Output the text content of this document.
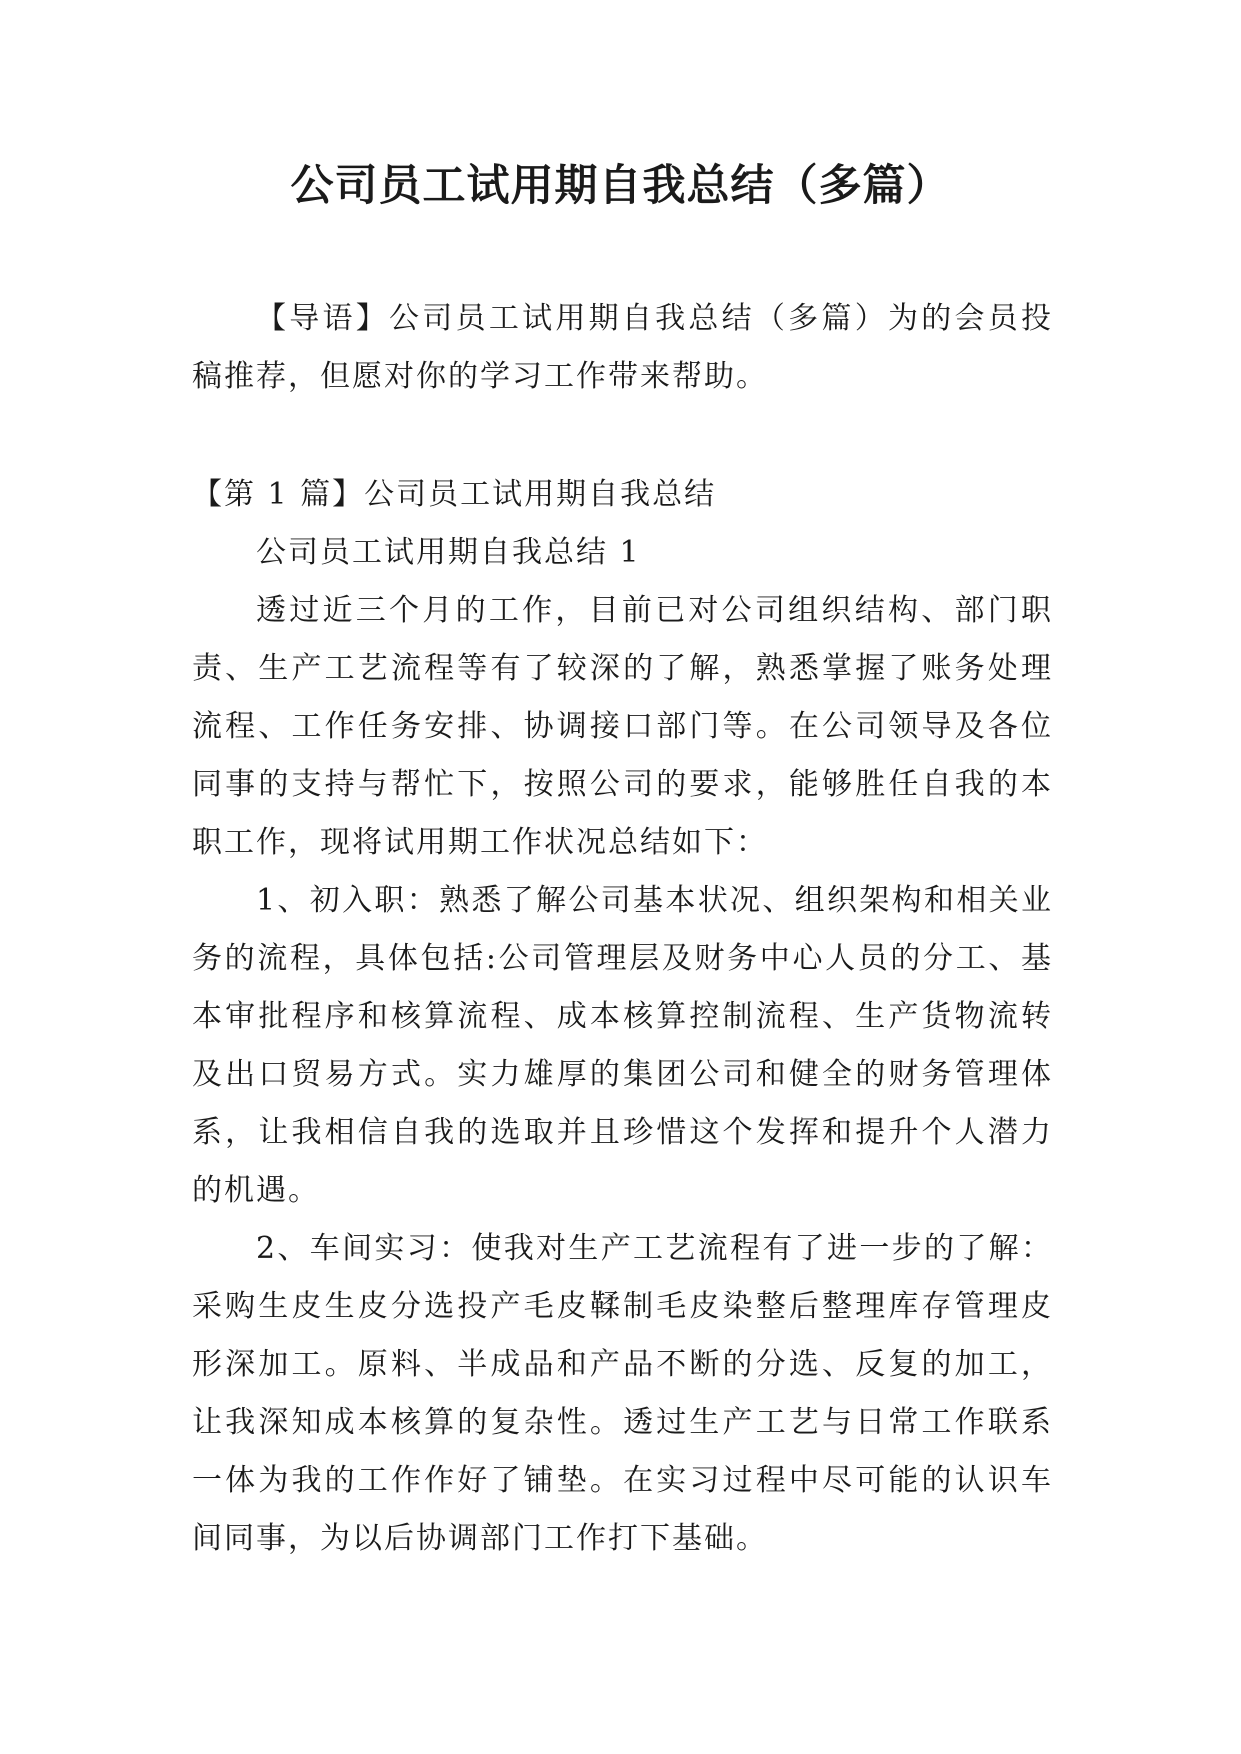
公司员工试用期自我总结（多篇）

【导语】公司员工试用期自我总结（多篇）为的会员投稿推荐，但愿对你的学习工作带来帮助。

【第 1 篇】公司员工试用期自我总结

公司员工试用期自我总结 1

透过近三个月的工作，目前已对公司组织结构、部门职责、生产工艺流程等有了较深的了解，熟悉掌握了账务处理流程、工作任务安排、协调接口部门等。在公司领导及各位同事的支持与帮忙下，按照公司的要求，能够胜任自我的本职工作，现将试用期工作状况总结如下：

1、初入职：熟悉了解公司基本状况、组织架构和相关业务的流程，具体包括:公司管理层及财务中心人员的分工、基本审批程序和核算流程、成本核算控制流程、生产货物流转及出口贸易方式。实力雄厚的集团公司和健全的财务管理体系，让我相信自我的选取并且珍惜这个发挥和提升个人潜力的机遇。

2、车间实习：使我对生产工艺流程有了进一步的了解：采购生皮生皮分选投产毛皮鞣制毛皮染整后整理库存管理皮形深加工。原料、半成品和产品不断的分选、反复的加工，让我深知成本核算的复杂性。透过生产工艺与日常工作联系一体为我的工作作好了铺垫。在实习过程中尽可能的认识车间同事，为以后协调部门工作打下基础。
